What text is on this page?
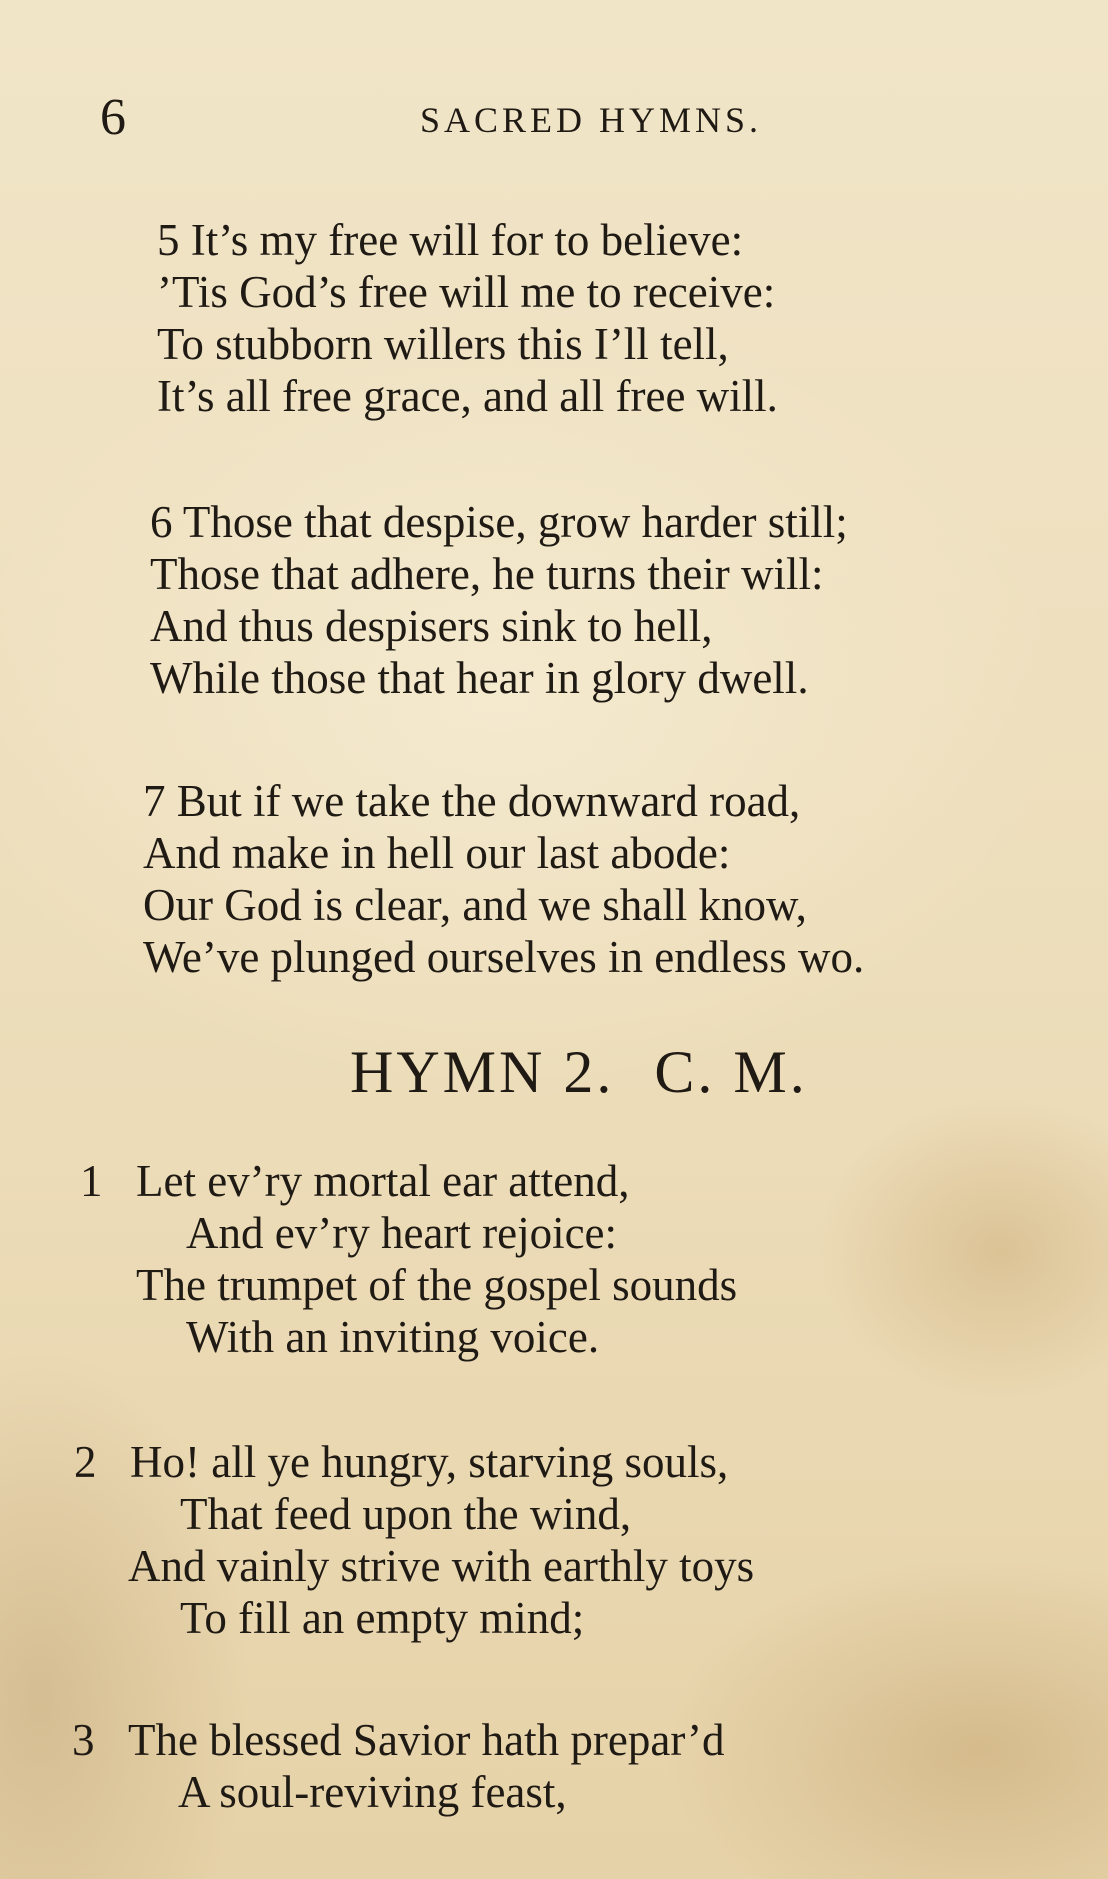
6	SACRED HYMNS.
5 It’s my free will for to believe:
’Tis God’s free will me to receive:
To stubborn willers this I’ll tell,
It’s all free grace, and all free will.
6 Those that despise, grow harder still;
Those that adhere, he turns their will:
And thus despisers sink to hell,
While those that hear in glory dwell.
7 But if we take the downward road,
And make in hell our last abode:
Our God is clear, and we shall know,
We’ve plunged ourselves in endless wo.
HYMN 2. C. M.
1 Let ev’ry mortal ear attend,
And ev’ry heart rejoice:
The trumpet of the gospel sounds
With an inviting voice.
2 Ho! all ye hungry, starving souls,
That feed upon the wind,
And vainly strive with earthly toys
To fill an empty mind;
3 The blessed Savior hath prepar’d
A soul-reviving feast,
